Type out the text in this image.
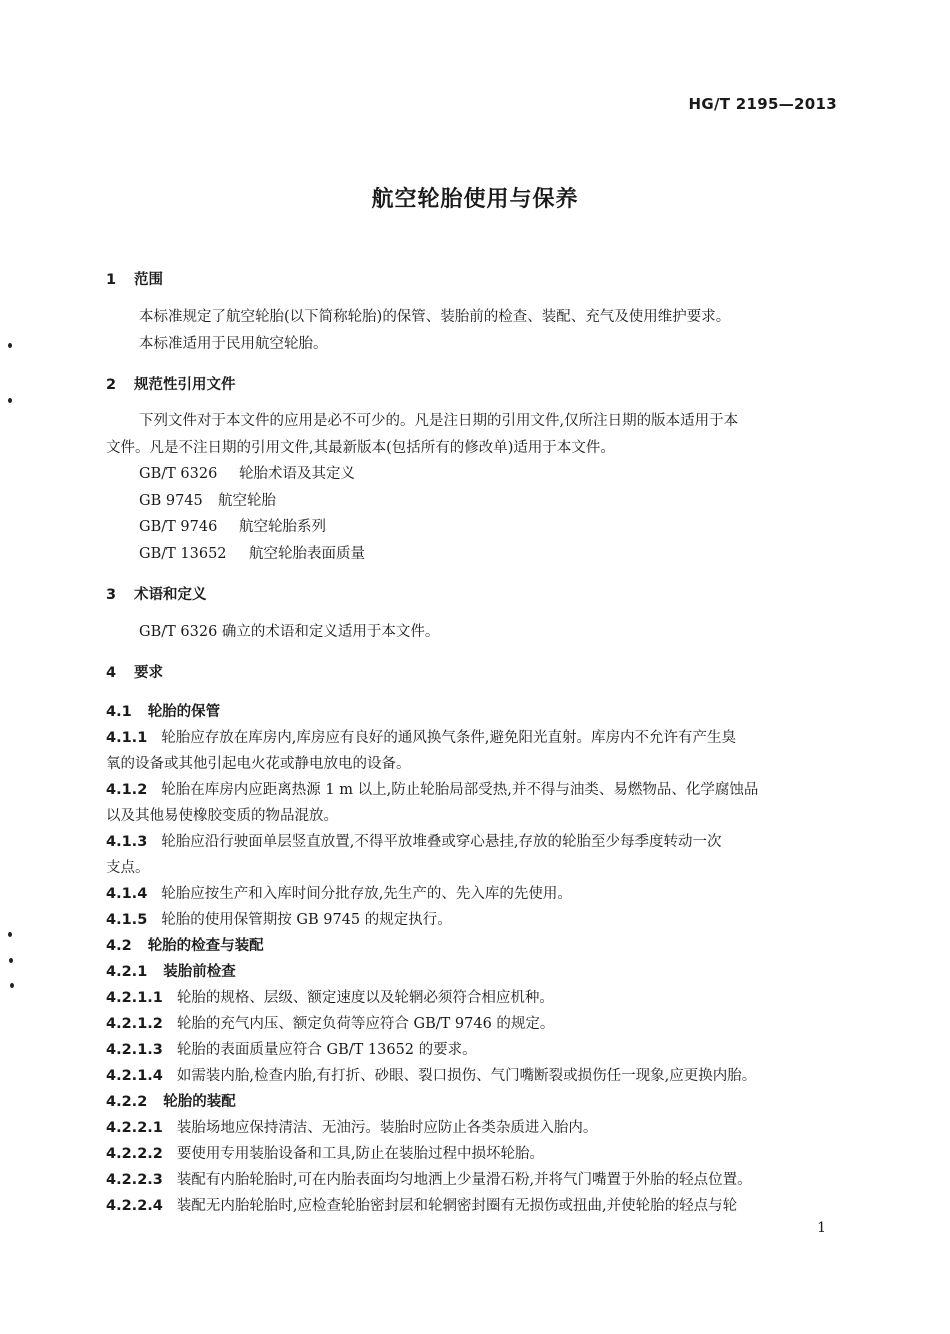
HG/T 2195—2013
航空轮胎使用与保养
1 范围
本标准规定了航空轮胎(以下简称轮胎)的保管、装胎前的检查、装配、充气及使用维护要求。
本标准适用于民用航空轮胎。
2 规范性引用文件
下列文件对于本文件的应用是必不可少的。凡是注日期的引用文件,仅所注日期的版本适用于本
文件。凡是不注日期的引用文件,其最新版本(包括所有的修改单)适用于本文件。
GB/T 6326 轮胎术语及其定义
GB 9745 航空轮胎
GB/T 9746 航空轮胎系列
GB/T 13652 航空轮胎表面质量
3 术语和定义
GB/T 6326 确立的术语和定义适用于本文件。
4 要求
4.1 轮胎的保管
4.1.1 轮胎应存放在库房内,库房应有良好的通风换气条件,避免阳光直射。库房内不允许有产生臭
氧的设备或其他引起电火花或静电放电的设备。
4.1.2 轮胎在库房内应距离热源 1 m 以上,防止轮胎局部受热,并不得与油类、易燃物品、化学腐蚀品
以及其他易使橡胶变质的物品混放。
4.1.3 轮胎应沿行驶面单层竖直放置,不得平放堆叠或穿心悬挂,存放的轮胎至少每季度转动一次
支点。
4.1.4 轮胎应按生产和入库时间分批存放,先生产的、先入库的先使用。
4.1.5 轮胎的使用保管期按 GB 9745 的规定执行。
4.2 轮胎的检查与装配
4.2.1 装胎前检查
4.2.1.1 轮胎的规格、层级、额定速度以及轮辋必须符合相应机种。
4.2.1.2 轮胎的充气内压、额定负荷等应符合 GB/T 9746 的规定。
4.2.1.3 轮胎的表面质量应符合 GB/T 13652 的要求。
4.2.1.4 如需装内胎,检查内胎,有打折、砂眼、裂口损伤、气门嘴断裂或损伤任一现象,应更换内胎。
4.2.2 轮胎的装配
4.2.2.1 装胎场地应保持清洁、无油污。装胎时应防止各类杂质进入胎内。
4.2.2.2 要使用专用装胎设备和工具,防止在装胎过程中损坏轮胎。
4.2.2.3 装配有内胎轮胎时,可在内胎表面均匀地洒上少量滑石粉,并将气门嘴置于外胎的轻点位置。
4.2.2.4 装配无内胎轮胎时,应检查轮胎密封层和轮辋密封圈有无损伤或扭曲,并使轮胎的轻点与轮
1
